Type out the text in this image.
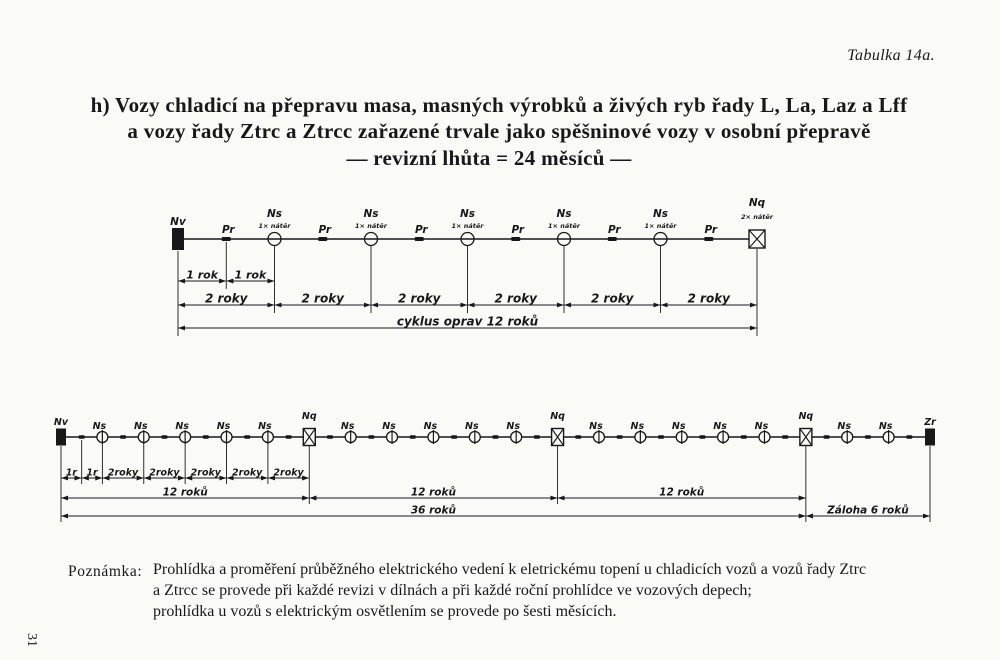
Tabulka 14a.
h) Vozy chladicí na přepravu masa, masných výrobků a živých ryb řady L, La, Laz a Lff
a vozy řady Ztrc a Ztrcc zařazené trvale jako spěšninové vozy v osobní přepravě
— revizní lhůta = 24 měsíců —
1 rok 1 rok
2 roky	2 roky	2 roky	2 roky	2 roky	2 roky
cyklus oprav 12 roků
Nv
Pr
Ns
1× nátěr	Pr
Ns
1× nátěr	Pr
Ns
1× nátěr	Pr
Ns
1× nátěr	Pr
Ns
1× nátěr	Pr
Nq
2× nátěr
1r 1r 2roky 2roky 2roky 2roky 2roky
12 roků	12 roků	12 roků
36 roků	Záloha 6 roků
Nv	Ns	Ns	Ns	Ns	Ns
Nq
Ns	Ns	Ns	Ns	Ns
Nq
Ns	Ns	Ns	Ns	Ns
Nq
Ns	Ns	Zr
Poznámka: Prohlídka a proměření průběžného elektrického vedení k eletrickému topení u chladicích vozů a vozů řady Ztrc
a Ztrcc se provede při každé revizi v dílnách a při každé roční prohlídce ve vozových depech;
prohlídka u vozů s elektrickým osvětlením se provede po šesti měsících.
31
